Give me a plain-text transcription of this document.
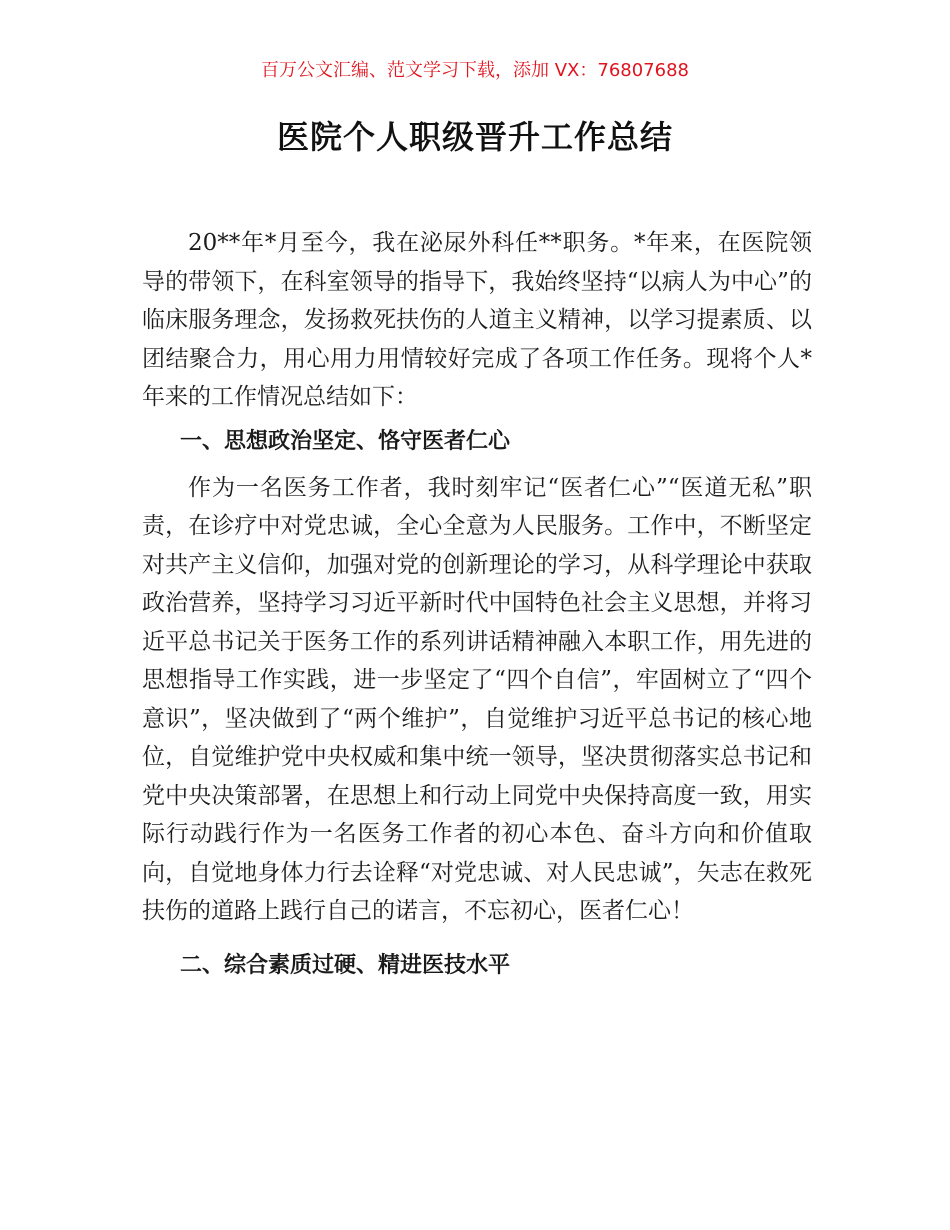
百万公文汇编、范文学习下载，添加 VX：76807688
医院个人职级晋升工作总结

20**年*月至今，我在泌尿外科任**职务。*年来，在医院领导的带领下，在科室领导的指导下，我始终坚持“以病人为中心”的临床服务理念，发扬救死扶伤的人道主义精神，以学习提素质、以团结聚合力，用心用力用情较好完成了各项工作任务。现将个人*年来的工作情况总结如下：

一、思想政治坚定、恪守医者仁心

作为一名医务工作者，我时刻牢记“医者仁心”“医道无私”职责，在诊疗中对党忠诚，全心全意为人民服务。工作中，不断坚定对共产主义信仰，加强对党的创新理论的学习，从科学理论中获取政治营养，坚持学习习近平新时代中国特色社会主义思想，并将习近平总书记关于医务工作的系列讲话精神融入本职工作，用先进的思想指导工作实践，进一步坚定了“四个自信”，牢固树立了“四个意识”，坚决做到了“两个维护”，自觉维护习近平总书记的核心地位，自觉维护党中央权威和集中统一领导，坚决贯彻落实总书记和党中央决策部署，在思想上和行动上同党中央保持高度一致，用实际行动践行作为一名医务工作者的初心本色、奋斗方向和价值取向，自觉地身体力行去诠释“对党忠诚、对人民忠诚”，矢志在救死扶伤的道路上践行自己的诺言，不忘初心，医者仁心！

二、综合素质过硬、精进医技水平
